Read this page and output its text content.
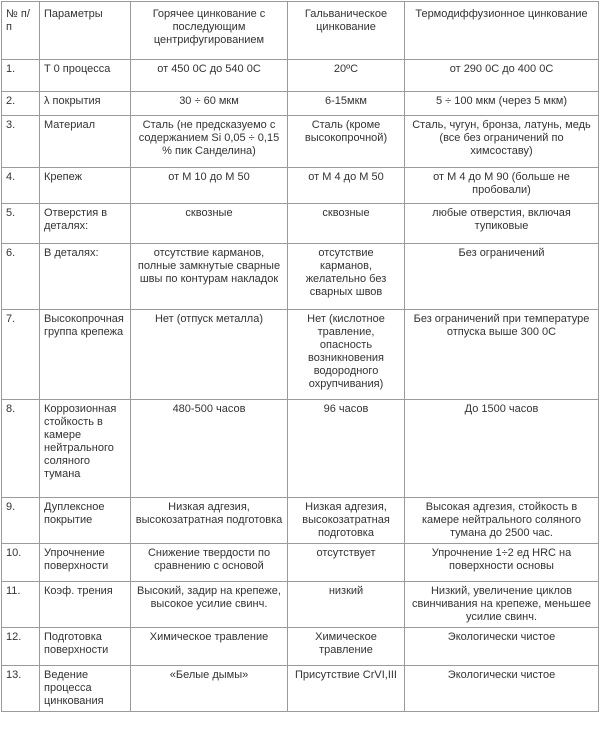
№ п/п	Параметры	Горячее цинкование с последующим центрифугированием	Гальваническое цинкование	Термодиффузионное цинкование
1.	T 0 процесса	от 450 0C до 540 0C	20ºC	от 290 0C до 400 0C
2.	λ покрытия	30 ÷ 60 мкм	6-15мкм	5 ÷ 100 мкм (через 5 мкм)
3.	Материал	Сталь (не предсказуемо с содержанием Si 0,05 ÷ 0,15 % пик Санделина)	Сталь (кроме высокопрочной)	Сталь, чугун, бронза, латунь, медь (все без ограничений по химсоставу)
4.	Крепеж	от М 10 до М 50	от М 4 до М 50	от М 4 до М 90 (больше не пробовали)
5.	Отверстия в деталях:	сквозные	сквозные	любые отверстия, включая тупиковые
6.	В деталях:	отсутствие карманов, полные замкнутые сварные швы по контурам накладок	отсутствие карманов, желательно без сварных швов	Без ограничений
7.	Высокопрочная группа крепежа	Нет (отпуск металла)	Нет (кислотное травление, опасность возникновения водородного охрупчивания)	Без ограничений при температуре отпуска выше 300 0C
8.	Коррозионная стойкость в камере нейтрального соляного тумана	480-500 часов	96 часов	До 1500 часов
9.	Дуплексное покрытие	Низкая адгезия, высокозатратная подготовка	Низкая адгезия, высокозатратная подготовка	Высокая адгезия, стойкость в камере нейтрального соляного тумана до 2500 час.
10.	Упрочнение поверхности	Снижение твердости по сравнению с основой	отсутствует	Упрочнение 1÷2 ед HRC на поверхности основы
11.	Коэф. трения	Высокий, задир на крепеже, высокое усилие свинч.	низкий	Низкий, увеличение циклов свинчивания на крепеже, меньшее усилие свинч.
12.	Подготовка поверхности	Химическое травление	Химическое травление	Экологически чистое
13.	Ведение процесса цинкования	«Белые дымы»	Присутствие CrVI,III	Экологически чистое
